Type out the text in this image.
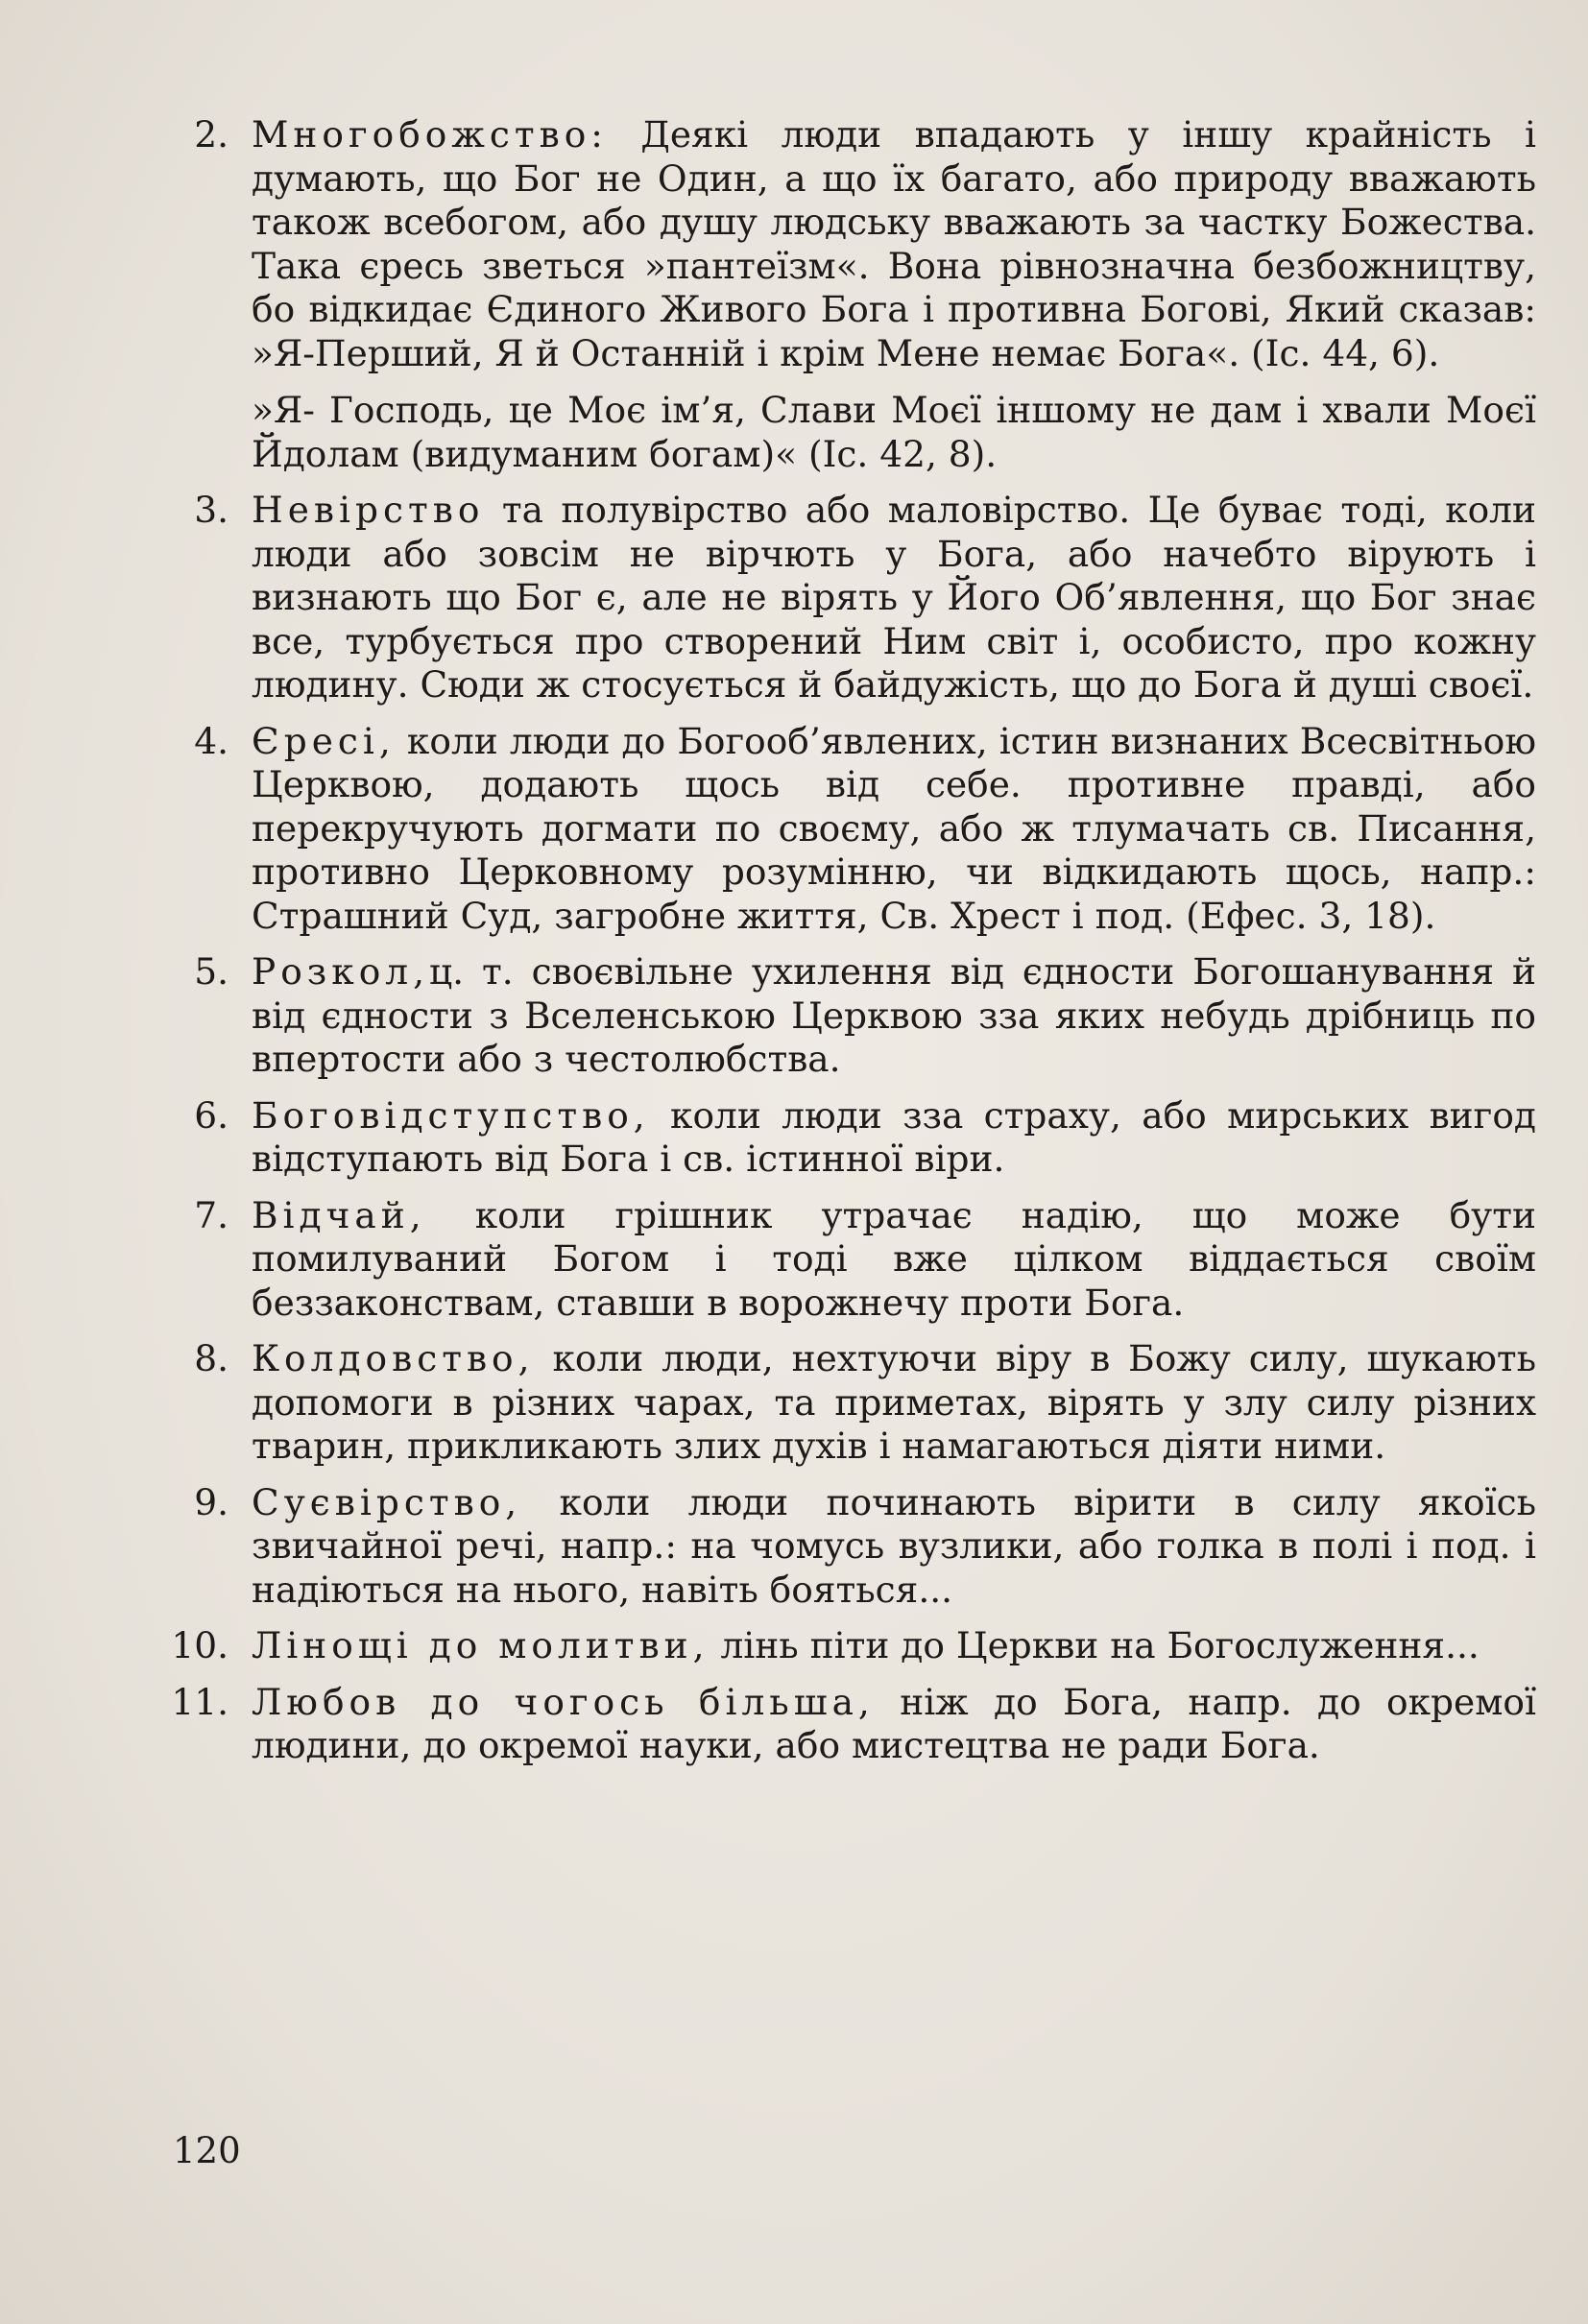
2. Многобожство: Деякі люди впадають у іншу крайність і думають, що Бог не Один, а що їх багато, або природу вважають також всебогом, або душу людську вважають за частку Божества. Така єресь зветься »пантеїзм«. Вона рівнозначна безбожництву, бо відкидає Єдиного Живого Бога і противна Богові, Який сказав: »Я-Перший, Я й Останній і крім Мене немає Бога«. (Іс. 44, 6).
»Я- Господь, це Моє ім’я, Слави Моєї іншому не дам і хвали Моєї Йдолам (видуманим богам)« (Іс. 42, 8).
3. Невірство та полувірство або маловірство. Це буває тоді, коли люди або зовсім не вірчють у Бога, або начебто вірують і визнають що Бог є, але не вірять у Його Об’явлення, що Бог знає все, турбується про створений Ним світ і, особисто, про кожну людину. Сюди ж стосується й байдужість, що до Бога й душі своєї.
4. Єресі, коли люди до Богооб’явлених, істин визнаних Всесвітньою Церквою, додають щось від себе. противне правді, або перекручують догмати по своєму, або ж тлумачать св. Писання, противно Церковному розумінню, чи відкидають щось, напр.: Страшний Суд, загробне життя, Св. Хрест і под. (Ефес. 3, 18).
5. Розкол,ц. т. своєвільне ухилення від єдности Богошанування й від єдности з Вселенською Церквою зза яких небудь дрібниць по впертости або з честолюбства.
6. Боговідступство, коли люди зза страху, або мирських вигод відступають від Бога і св. істинної віри.
7. Відчай, коли грішник утрачає надію, що може бути помилуваний Богом і тоді вже цілком віддається своїм беззаконствам, ставши в ворожнечу проти Бога.
8. Колдовство, коли люди, нехтуючи віру в Божу силу, шукають допомоги в різних чарах, та приметах, вірять у злу силу різних тварин, прикликають злих духів і намагаються діяти ними.
9. Суєвірство, коли люди починають вірити в силу якоїсь звичайної речі, напр.: на чомусь вузлики, або голка в полі і под. і надіються на нього, навіть бояться...
10. Лінощі до молитви, лінь піти до Церкви на Богослуження...
11. Любов до чогось більша, ніж до Бога, напр. до окремої людини, до окремої науки, або мистецтва не ради Бога.
120
